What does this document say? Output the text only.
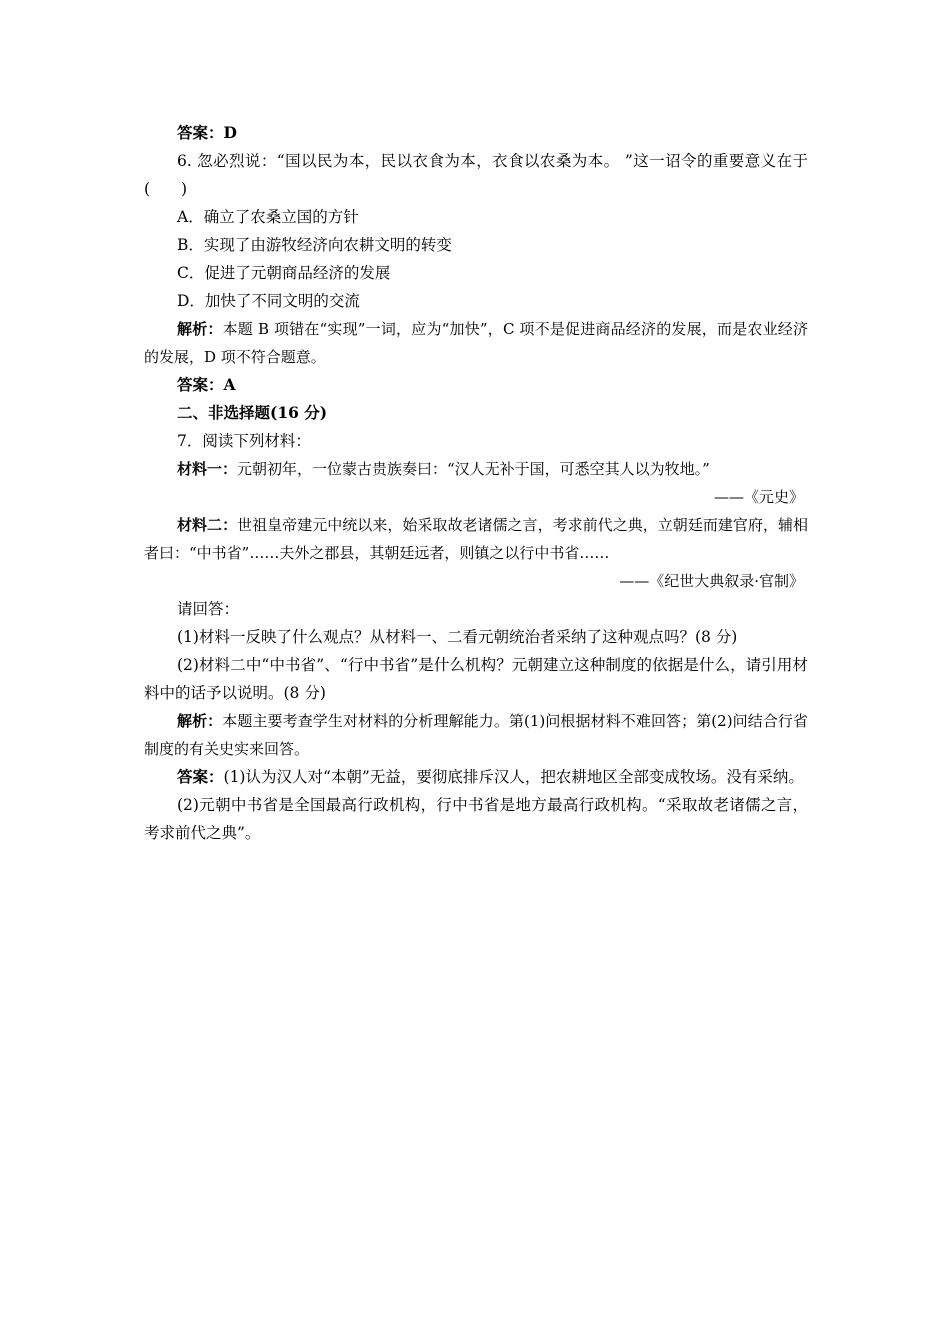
答案：D

6. 忽必烈说：“国以民为本，民以衣食为本，衣食以农桑为本。 ”这一诏令的重要意义在于(　　)

A．确立了农桑立国的方针

B．实现了由游牧经济向农耕文明的转变

C．促进了元朝商品经济的发展

D．加快了不同文明的交流

解析：本题 B 项错在“实现”一词，应为“加快”，C 项不是促进商品经济的发展，而是农业经济的发展，D 项不符合题意。

答案：A

二、非选择题(16 分)

7．阅读下列材料：

材料一：元朝初年，一位蒙古贵族奏曰：“汉人无补于国，可悉空其人以为牧地。”

——《元史》

材料二：世祖皇帝建元中统以来，始采取故老诸儒之言，考求前代之典，立朝廷而建官府，辅相者曰：“中书省”……夫外之郡县，其朝廷远者，则镇之以行中书省……

——《纪世大典叙录·官制》

请回答：

(1)材料一反映了什么观点？从材料一、二看元朝统治者采纳了这种观点吗？(8 分)

(2)材料二中“中书省”、“行中书省”是什么机构？元朝建立这种制度的依据是什么，请引用材料中的话予以说明。(8 分)

解析：本题主要考查学生对材料的分析理解能力。第(1)问根据材料不难回答；第(2)问结合行省制度的有关史实来回答。

答案：(1)认为汉人对“本朝”无益，要彻底排斥汉人，把农耕地区全部变成牧场。没有采纳。

(2)元朝中书省是全国最高行政机构，行中书省是地方最高行政机构。“采取故老诸儒之言，考求前代之典”。
